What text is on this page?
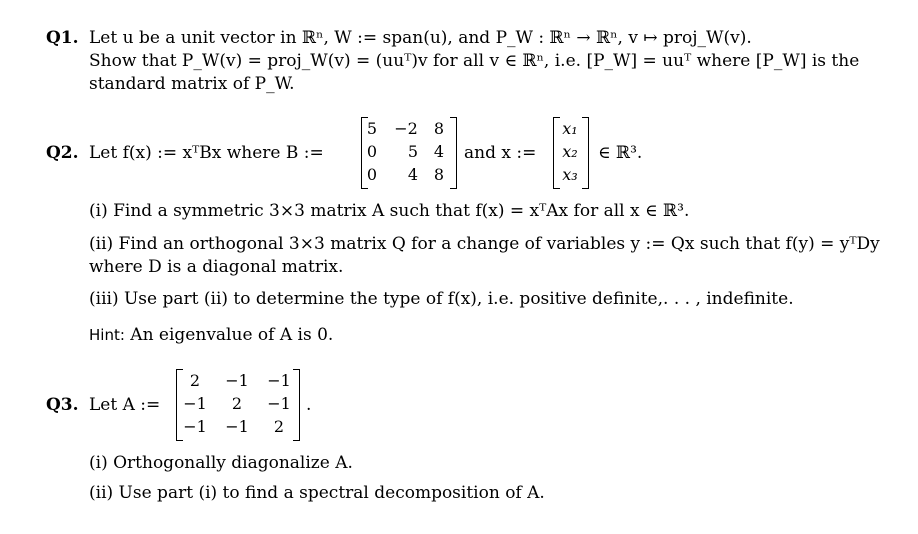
Q1. Let u be a unit vector in ℝⁿ, W := span(u), and P_W : ℝⁿ → ℝⁿ, v ↦ proj_W(v).
Show that P_W(v) = proj_W(v) = (uuᵀ)v for all v ∈ ℝⁿ, i.e. [P_W] = uuᵀ where [P_W] is the
standard matrix of P_W.
Q2. Let f(x) := xᵀBx where B :=
5	−2	8
0	5 4
0	4 8
and x :=
x₁
x₂
x₃
∈ ℝ³.
(i) Find a symmetric 3×3 matrix A such that f(x) = xᵀAx for all x ∈ ℝ³.
(ii) Find an orthogonal 3×3 matrix Q for a change of variables y := Qx such that f(y) = yᵀDy
where D is a diagonal matrix.
(iii) Use part (ii) to determine the type of f(x), i.e. positive definite,. . . , indefinite.
Hint: An eigenvalue of A is 0.
Q3. Let A :=
2	−1 −1
−1	2	−1
−1 −1	2
.
(i) Orthogonally diagonalize A.
(ii) Use part (i) to find a spectral decomposition of A.
